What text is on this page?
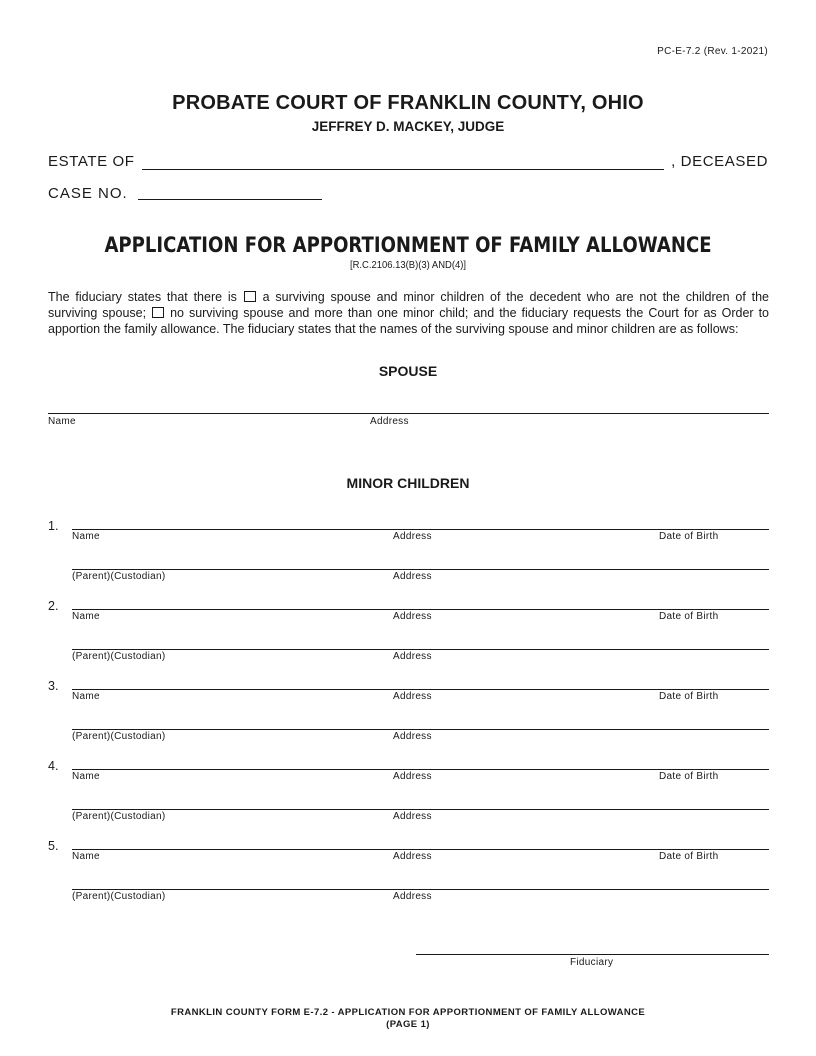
PC-E-7.2 (Rev. 1-2021)
PROBATE COURT OF FRANKLIN COUNTY, OHIO
JEFFREY D. MACKEY, JUDGE
ESTATE OF	, DECEASED
CASE NO.
APPLICATION FOR APPORTIONMENT OF FAMILY ALLOWANCE
[R.C.2106.13(B)(3) AND(4)]
The fiduciary states that there is a surviving spouse and minor children of the decedent who are not the children of the surviving spouse; no surviving spouse and more than one minor child; and the fiduciary requests the Court for as Order to apportion the family allowance. The fiduciary states that the names of the surviving spouse and minor children are as follows:
SPOUSE
Name	Address
MINOR CHILDREN
1.
Name	Address	Date of Birth
(Parent)(Custodian)	Address
2.
Name	Address	Date of Birth
(Parent)(Custodian)	Address
3.
Name	Address	Date of Birth
(Parent)(Custodian)	Address
4.
Name	Address	Date of Birth
(Parent)(Custodian)	Address
5.
Name	Address	Date of Birth
(Parent)(Custodian)	Address
Fiduciary
FRANKLIN COUNTY FORM E-7.2 - APPLICATION FOR APPORTIONMENT OF FAMILY ALLOWANCE
(PAGE 1)
